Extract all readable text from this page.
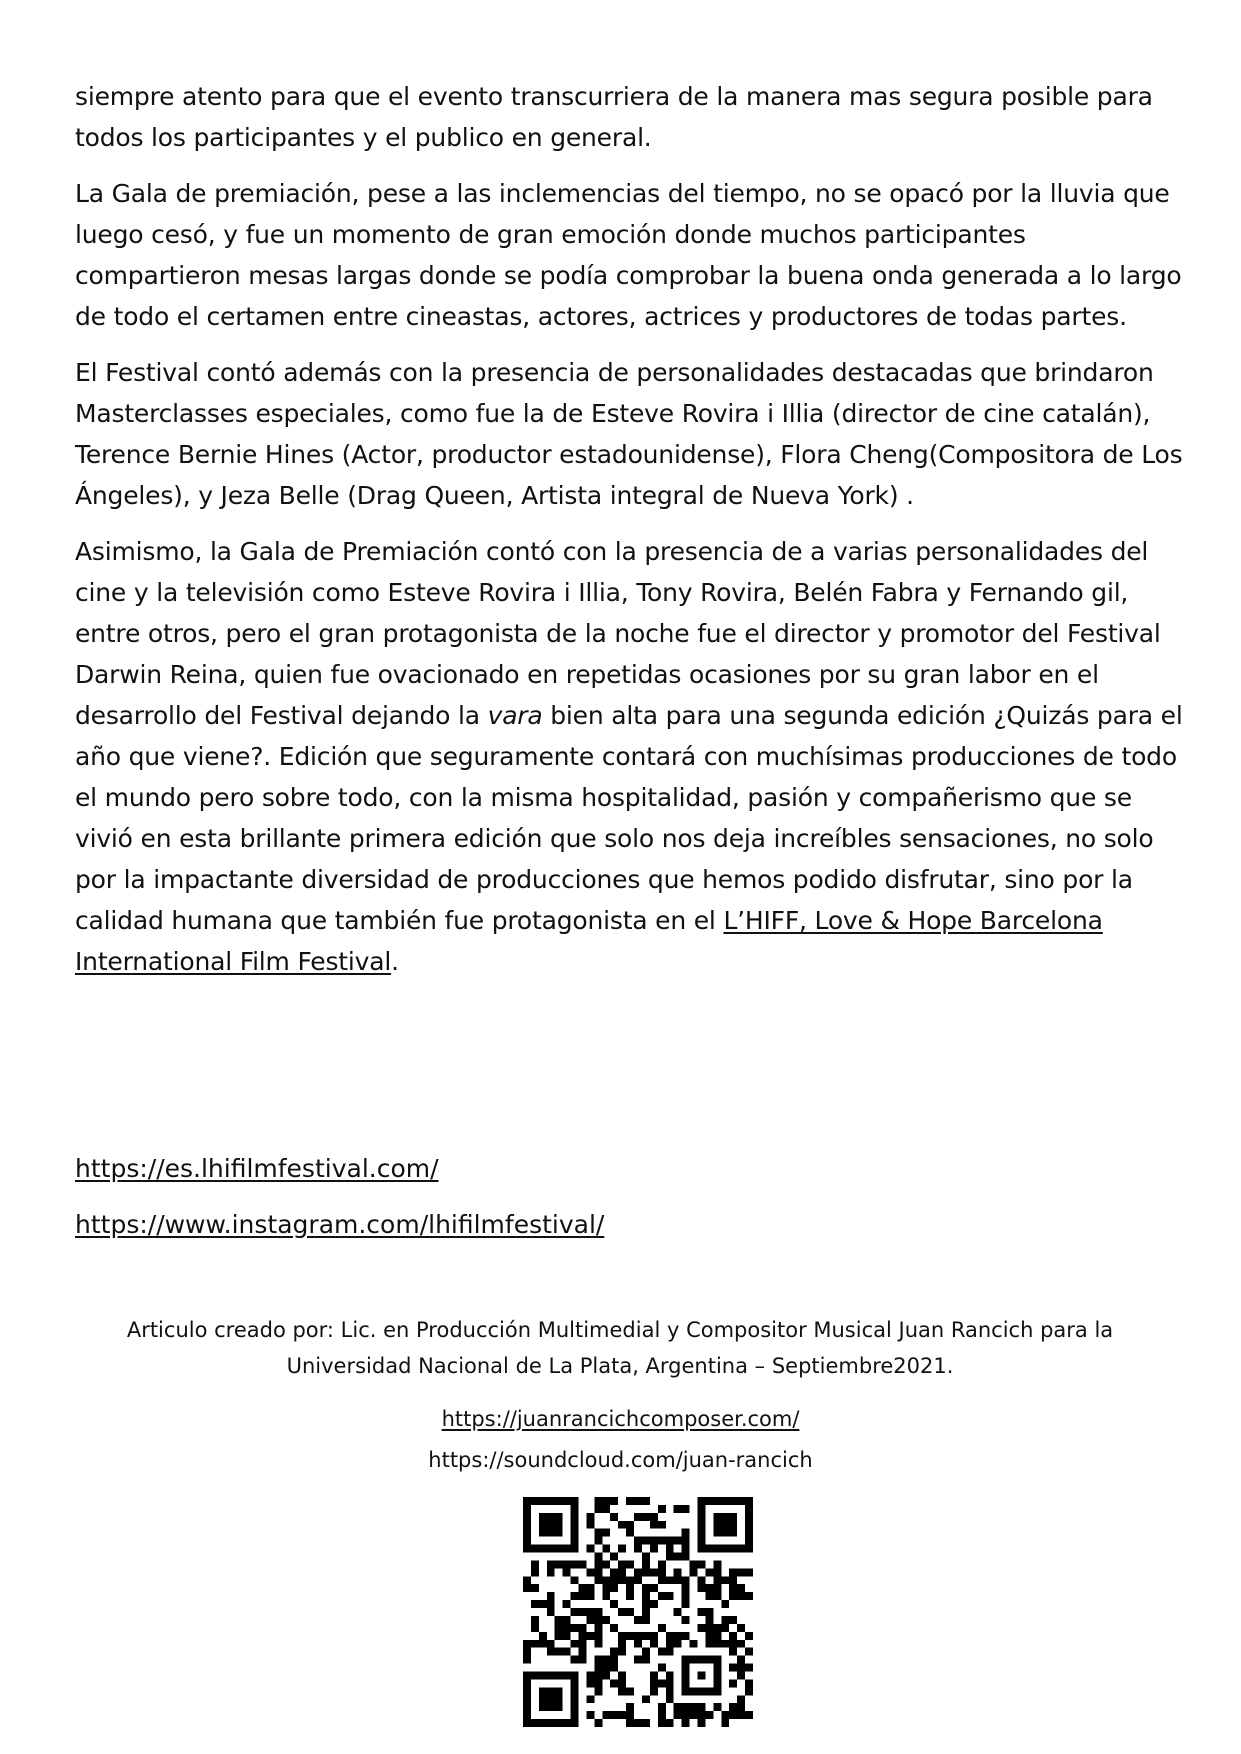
siempre atento para que el evento transcurriera de la manera mas segura posible para todos los participantes y el publico en general.

La Gala de premiación, pese a las inclemencias del tiempo, no se opacó por la lluvia que luego cesó, y fue un momento de gran emoción donde muchos participantes compartieron mesas largas donde se podía comprobar la buena onda generada a lo largo de todo el certamen entre cineastas, actores, actrices y productores de todas partes.

El Festival contó además con la presencia de personalidades destacadas que brindaron Masterclasses especiales, como fue la de Esteve Rovira i Illia (director de cine catalán), Terence Bernie Hines (Actor, productor estadounidense), Flora Cheng(Compositora de Los Ángeles), y Jeza Belle (Drag Queen, Artista integral de Nueva York) .

Asimismo, la Gala de Premiación contó con la presencia de a varias personalidades del cine y la televisión como Esteve Rovira i Illia, Tony Rovira, Belén Fabra y Fernando gil, entre otros, pero el gran protagonista de la noche fue el director y promotor del Festival Darwin Reina, quien fue ovacionado en repetidas ocasiones por su gran labor en el desarrollo del Festival dejando la vara bien alta para una segunda edición ¿Quizás para el año que viene?. Edición que seguramente contará con muchísimas producciones de todo el mundo pero sobre todo, con la misma hospitalidad, pasión y compañerismo que se vivió en esta brillante primera edición que solo nos deja increíbles sensaciones, no solo por la impactante diversidad de producciones que hemos podido disfrutar, sino por la calidad humana que también fue protagonista en el L’HIFF, Love & Hope Barcelona International Film Festival.

https://es.lhifilmfestival.com/
https://www.instagram.com/lhifilmfestival/
Articulo creado por: Lic. en Producción Multimedial y Compositor Musical Juan Rancich para la
Universidad Nacional de La Plata, Argentina – Septiembre2021.
https://juanrancichcomposer.com/
https://soundcloud.com/juan-rancich
